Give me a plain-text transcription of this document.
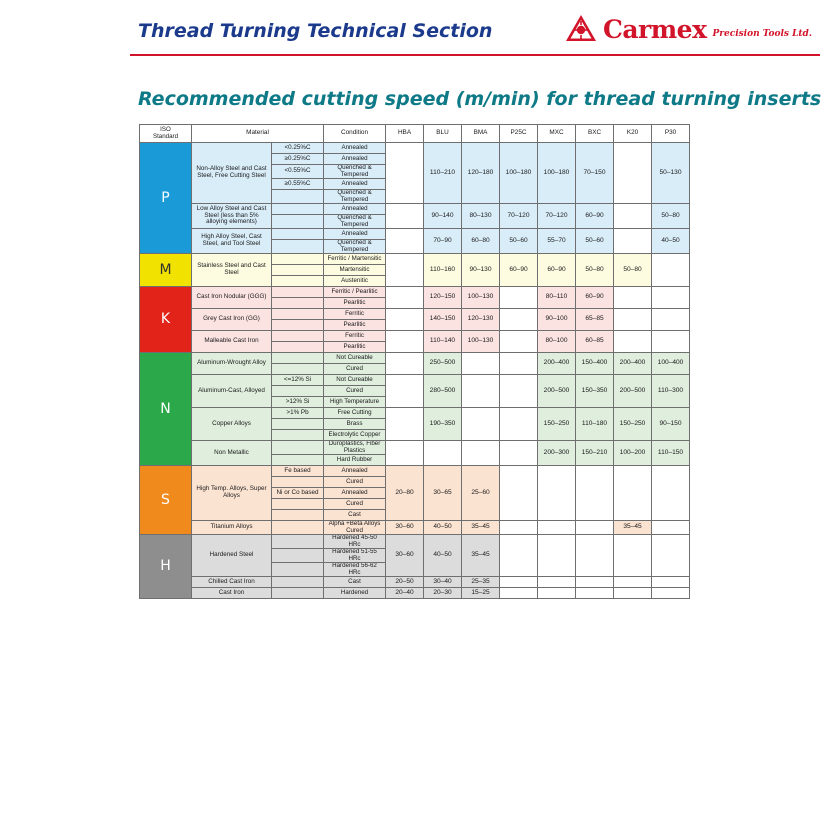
Thread Turning Technical Section	Carmex Precision Tools Ltd.
Recommended cutting speed (m/min) for thread turning inserts
ISO
Standard	Material		Condition	HBA	BLU	BMA	P25C	MXC	BXC	K20	P30
P	Non-Alloy Steel and Cast Steel, Free Cutting Steel	<0.25%C	Annealed		110–210	120–180	100–180	100–180	70–150		50–130
		≥0.25%C	Annealed								
		<0.55%C	Quenched & Tempered								
		≥0.55%C	Annealed								
			Quenched & Tempered								
	Low Alloy Steel and Cast Steel (less than 5% alloying elements)		Annealed		90–140	80–130	70–120	70–120	60–90		50–80
			Quenched & Tempered								
	High Alloy Steel, Cast Steel, and Tool Steel		Annealed		70–90	60–80	50–60	55–70	50–60		40–50
			Quenched & Tempered								
M	Stainless Steel and Cast Steel		Ferritic / Martensitic		110–160	90–130	60–90	60–90	50–80	50–80	
			Martensitic								
			Austenitic								
K	Cast Iron Nodular (GGG)		Ferritic / Pearlitic		120–150	100–130		80–110	60–90		
			Pearlitic								
	Grey Cast Iron (GG)		Ferritic		140–150	120–130		90–100	65–85		
			Pearlitic								
	Malleable Cast Iron		Ferritic		110–140	100–130		80–100	60–85		
			Pearlitic								
N	Aluminum-Wrought Alloy		Not Cureable		250–500			200–400	150–400	200–400	100–400
			Cured								
	Aluminum-Cast, Alloyed	<=12% Si	Not Cureable		280–500			200–500	150–350	200–500	110–300
			Cured								
		>12% Si	High Temperature								
	Copper Alloys	>1% Pb	Free Cutting		190–350			150–250	110–180	150–250	90–150
			Brass								
			Electrolytic Copper								
	Non Metallic		Duroplastics, Fiber Plastics					200–300	150–210	100–200	110–150
			Hard Rubber								
S	High Temp. Alloys, Super Alloys	Fe based	Annealed	20–80	30–65	25–60					
			Cured								
		Ni or Co based	Annealed								
			Cured								
			Cast								
	Titanium Alloys		Alpha +Beta Alloys Cured	30–60	40–50	35–45				35–45	
H	Hardened Steel		Hardened 45-50 HRc	30–60	40–50	35–45					
			Hardened 51-55 HRc								
			Hardened 56-62 HRc								
	Chilled Cast Iron		Cast	20–50	30–40	25–35					
	Cast Iron		Hardened	20–40	20–30	15–25					
